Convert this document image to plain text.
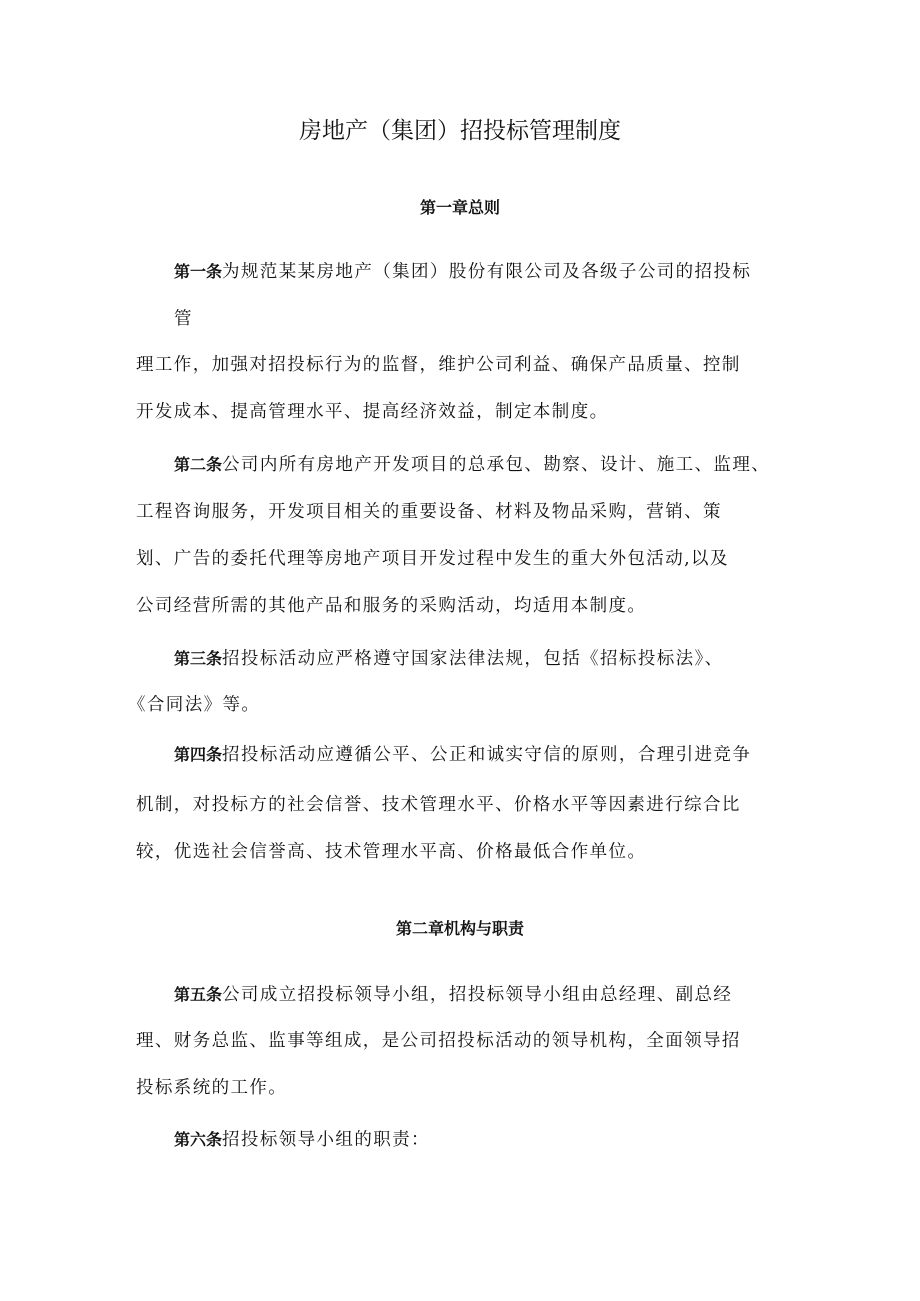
房地产（集团）招投标管理制度
第一章总则

第一条为规范某某房地产（集团）股份有限公司及各级子公司的招投标

管

理工作，加强对招投标行为的监督，维护公司利益、确保产品质量、控制

开发成本、提高管理水平、提高经济效益，制定本制度。

第二条公司内所有房地产开发项目的总承包、勘察、设计、施工、监理、

工程咨询服务，开发项目相关的重要设备、材料及物品采购，营销、策

划、广告的委托代理等房地产项目开发过程中发生的重大外包活动,以及

公司经营所需的其他产品和服务的采购活动，均适用本制度。

第三条招投标活动应严格遵守国家法律法规，包括《招标投标法》、

《合同法》等。

第四条招投标活动应遵循公平、公正和诚实守信的原则，合理引进竞争

机制，对投标方的社会信誉、技术管理水平、价格水平等因素进行综合比

较，优选社会信誉高、技术管理水平高、价格最低合作单位。

第二章机构与职责

第五条公司成立招投标领导小组，招投标领导小组由总经理、副总经

理、财务总监、监事等组成，是公司招投标活动的领导机构，全面领导招

投标系统的工作。

第六条招投标领导小组的职责：
